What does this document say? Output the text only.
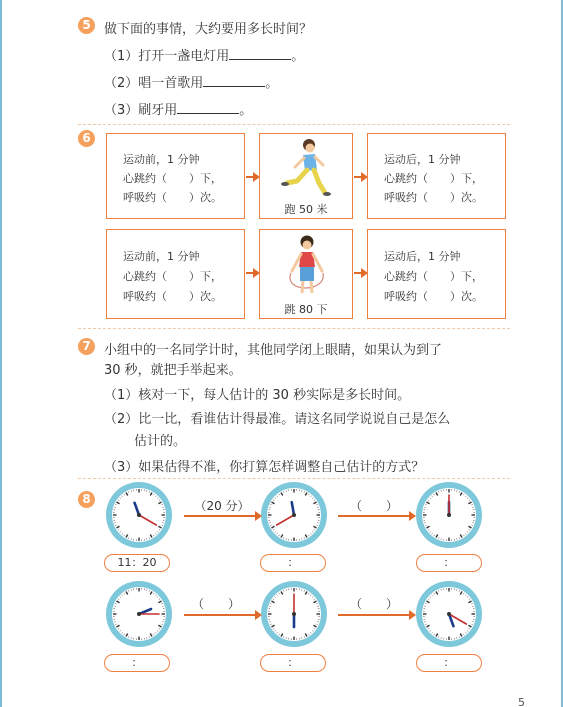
5	做下面的事情，大约要用多长时间？
（1）打开一盏电灯用	。
（2）唱一首歌用	。
（3）刷牙用	。
6
运动前，1 分钟
心跳约（　　）下，
呼吸约（　　）次。
跑 50 米
运动后，1 分钟
心跳约（　　）下，
呼吸约（　　）次。
运动前，1 分钟
心跳约（　　）下，
呼吸约（　　）次。
跳 80 下
运动后，1 分钟
心跳约（　　）下，
呼吸约（　　）次。
7	小组中的一名同学计时，其他同学闭上眼睛，如果认为到了
30 秒，就把手举起来。
（1）核对一下，每人估计的 30 秒实际是多长时间。
（2）比一比，看谁估计得最准。请这名同学说说自己是怎么
估计的。
（3）如果估得不准，你打算怎样调整自己估计的方式？
8	（20 分）	（　　）
11：20	：	：
（　　）	（　　）
：	：	：
5
